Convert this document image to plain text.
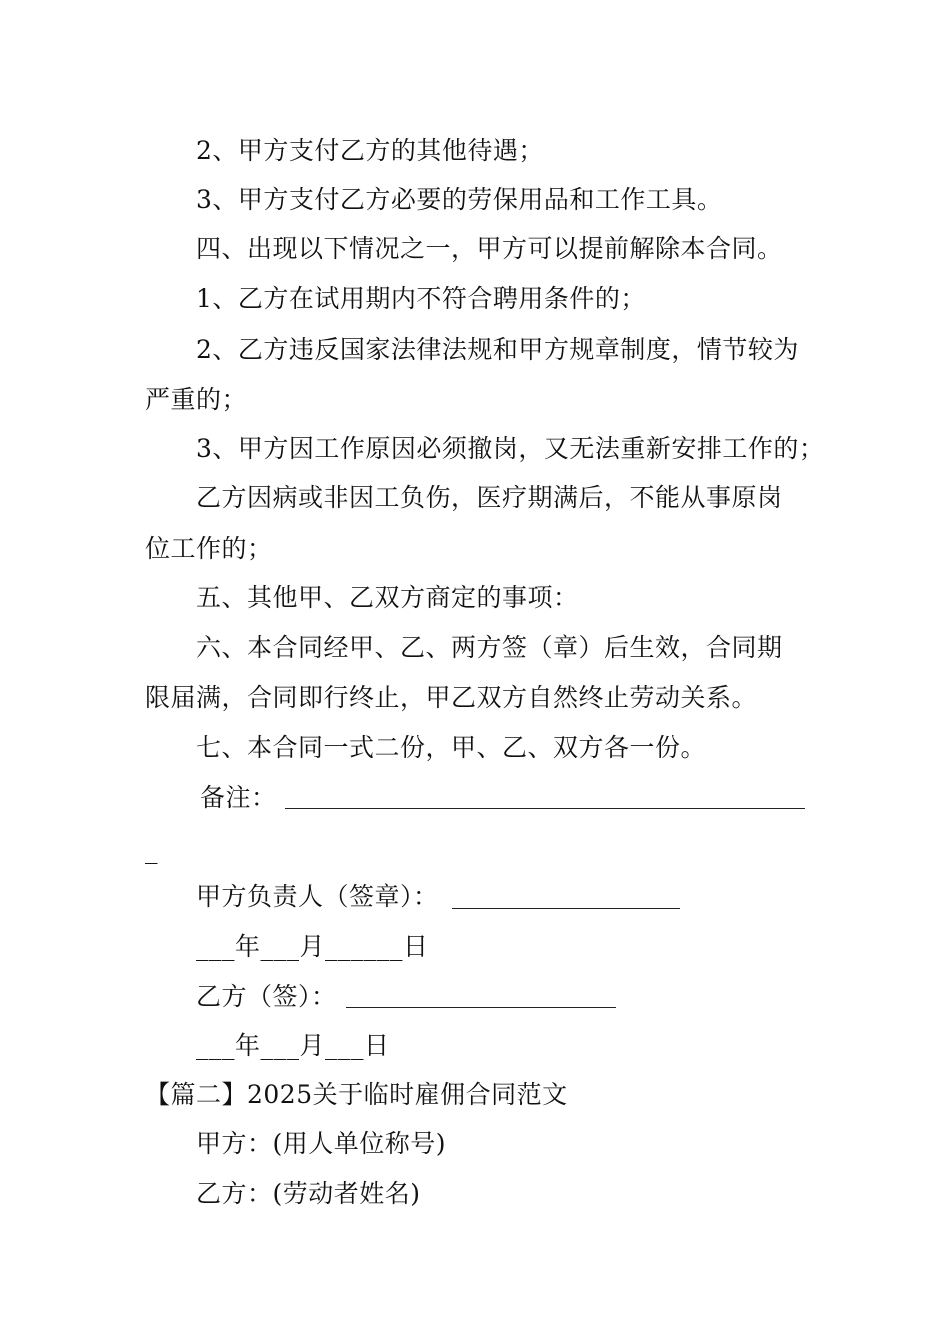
2、甲方支付乙方的其他待遇；
3、甲方支付乙方必要的劳保用品和工作工具。
四、出现以下情况之一，甲方可以提前解除本合同。
1、乙方在试用期内不符合聘用条件的；
2、乙方违反国家法律法规和甲方规章制度，情节较为
严重的；
3、甲方因工作原因必须撤岗，又无法重新安排工作的；
乙方因病或非因工负伤，医疗期满后，不能从事原岗
位工作的；
五、其他甲、乙双方商定的事项：
六、本合同经甲、乙、两方签（章）后生效，合同期
限届满，合同即行终止，甲乙双方自然终止劳动关系。
七、本合同一式二份，甲、乙、双方各一份。
备注：
_
甲方负责人（签章）：
___年___月______日
乙方（签）：
___年___月___日
【篇二】2025关于临时雇佣合同范文
甲方：(用人单位称号)
乙方：(劳动者姓名)
